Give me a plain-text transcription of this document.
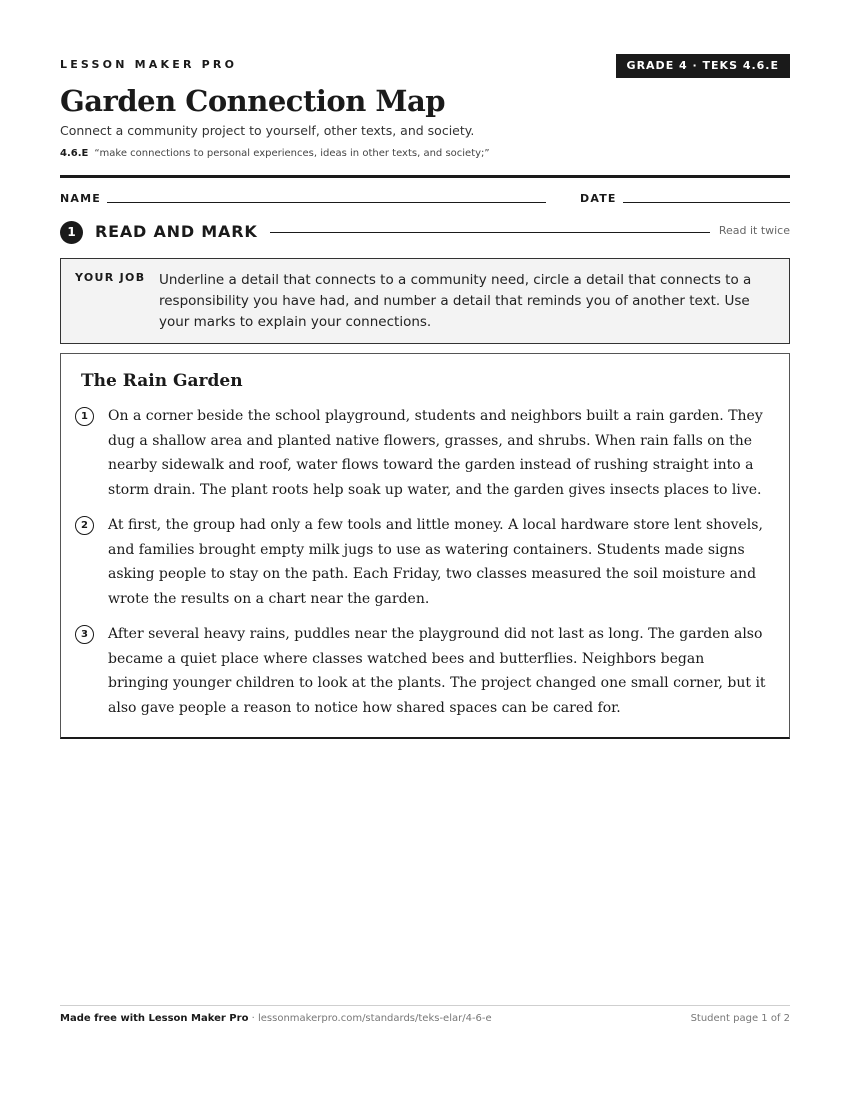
LESSON MAKER PRO	GRADE 4 · TEKS 4.6.E
Garden Connection Map
Connect a community project to yourself, other texts, and society.
4.6.E “make connections to personal experiences, ideas in other texts, and society;”
NAME	DATE
1	READ AND MARK	Read it twice
YOUR JOB Underline a detail that connects to a community need, circle a detail that connects to a responsibility you have had, and number a detail that reminds you of another text. Use your marks to explain your connections.
The Rain Garden
1	On a corner beside the school playground, students and neighbors built a rain garden. They dug a shallow area and planted native flowers, grasses, and shrubs. When rain falls on the nearby sidewalk and roof, water flows toward the garden instead of rushing straight into a storm drain. The plant roots help soak up water, and the garden gives insects places to live.
2	At first, the group had only a few tools and little money. A local hardware store lent shovels, and families brought empty milk jugs to use as watering containers. Students made signs asking people to stay on the path. Each Friday, two classes measured the soil moisture and wrote the results on a chart near the garden.
3	After several heavy rains, puddles near the playground did not last as long. The garden also became a quiet place where classes watched bees and butterflies. Neighbors began bringing younger children to look at the plants. The project changed one small corner, but it also gave people a reason to notice how shared spaces can be cared for.
Made free with Lesson Maker Pro · lessonmakerpro.com/standards/teks-elar/4-6-e	Student page 1 of 2
